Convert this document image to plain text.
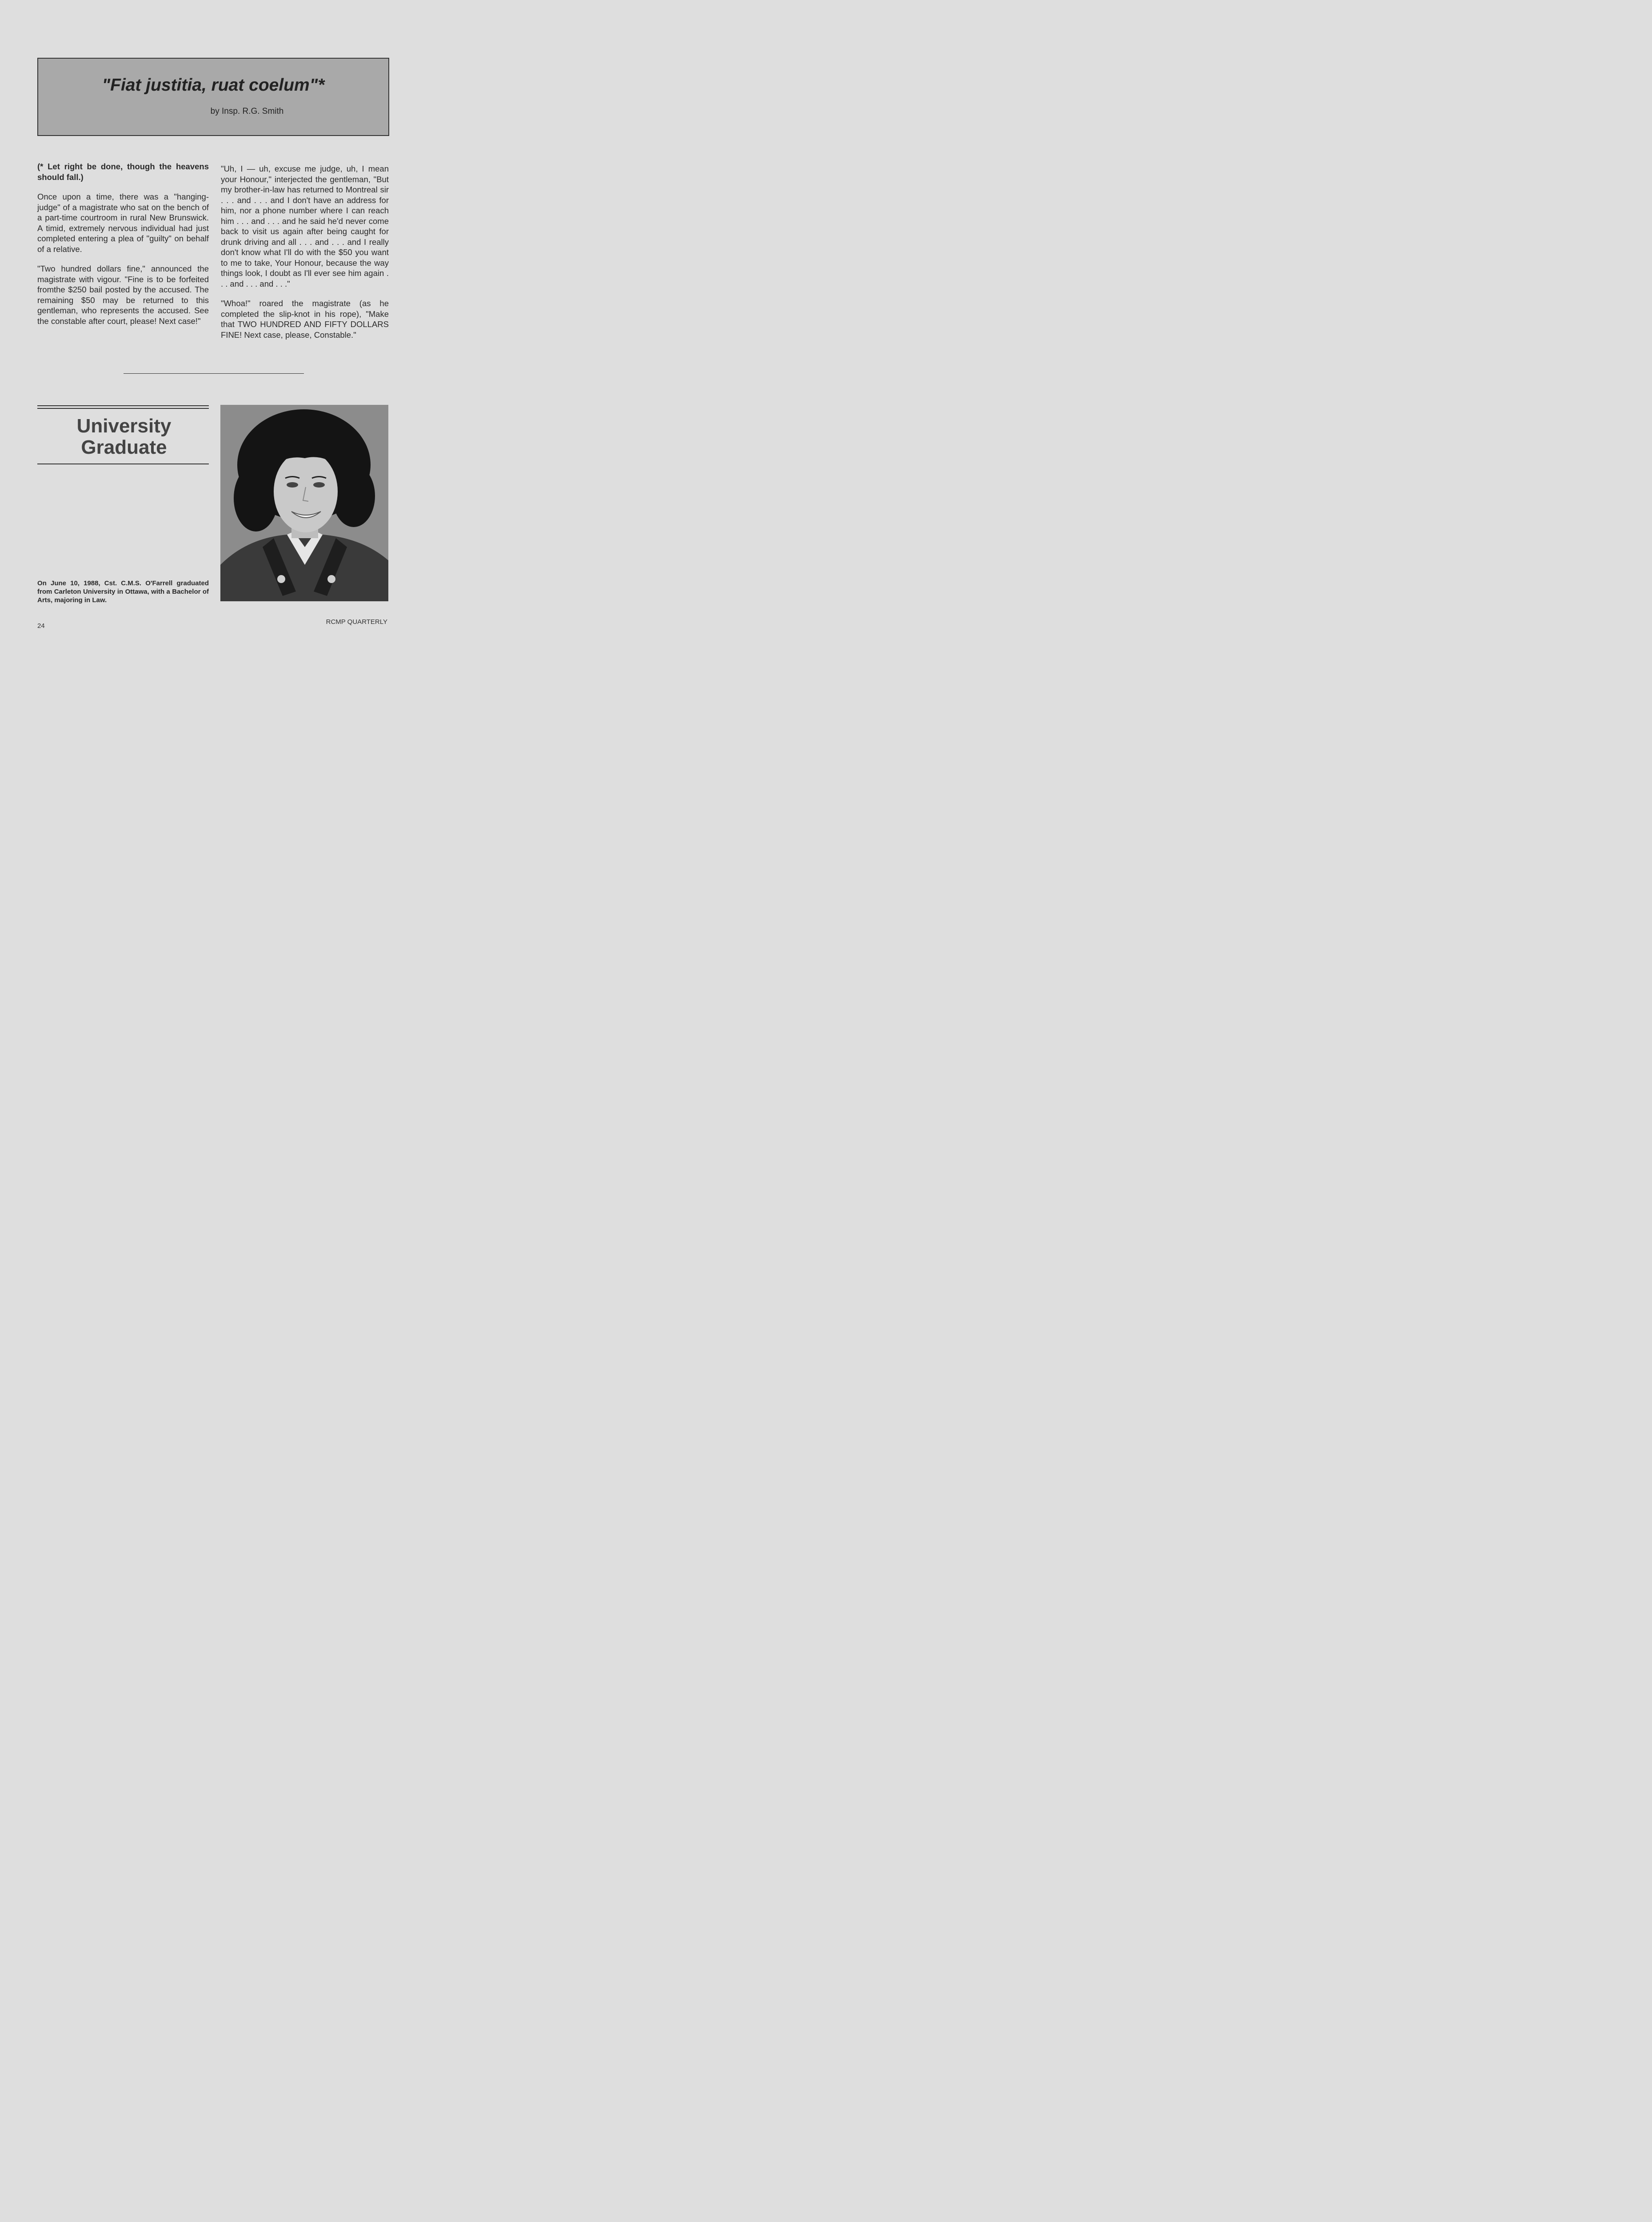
"Fiat justitia, ruat coelum"*
by Insp. R.G. Smith

(* Let right be done, though the heavens should fall.)

Once upon a time, there was a "hanging-judge" of a magistrate who sat on the bench of a part-time courtroom in rural New Brunswick. A timid, extremely nervous individual had just completed entering a plea of "guilty" on behalf of a relative.

"Two hundred dollars fine," announced the magistrate with vigour. "Fine is to be forfeited fromthe $250 bail posted by the accused. The remaining $50 may be returned to this gentleman, who represents the accused. See the constable after court, please! Next case!"

"Uh, I — uh, excuse me judge, uh, I mean your Honour," interjected the gentleman, "But my brother-in-law has returned to Montreal sir . . . and . . . and I don't have an address for him, nor a phone number where I can reach him . . . and . . . and he said he'd never come back to visit us again after being caught for drunk driving and all . . . and . . . and I really don't know what I'll do with the $50 you want to me to take, Your Honour, because the way things look, I doubt as I'll ever see him again . . . and . . . and . . ."

"Whoa!" roared the magistrate (as he completed the slip-knot in his rope), "Make that TWO HUNDRED AND FIFTY DOLLARS FINE! Next case, please, Constable."

University
Graduate
On June 10, 1988, Cst. C.M.S. O'Farrell graduated from Carleton University in Ottawa, with a Bachelor of Arts, majoring in Law.
24
RCMP QUARTERLY
